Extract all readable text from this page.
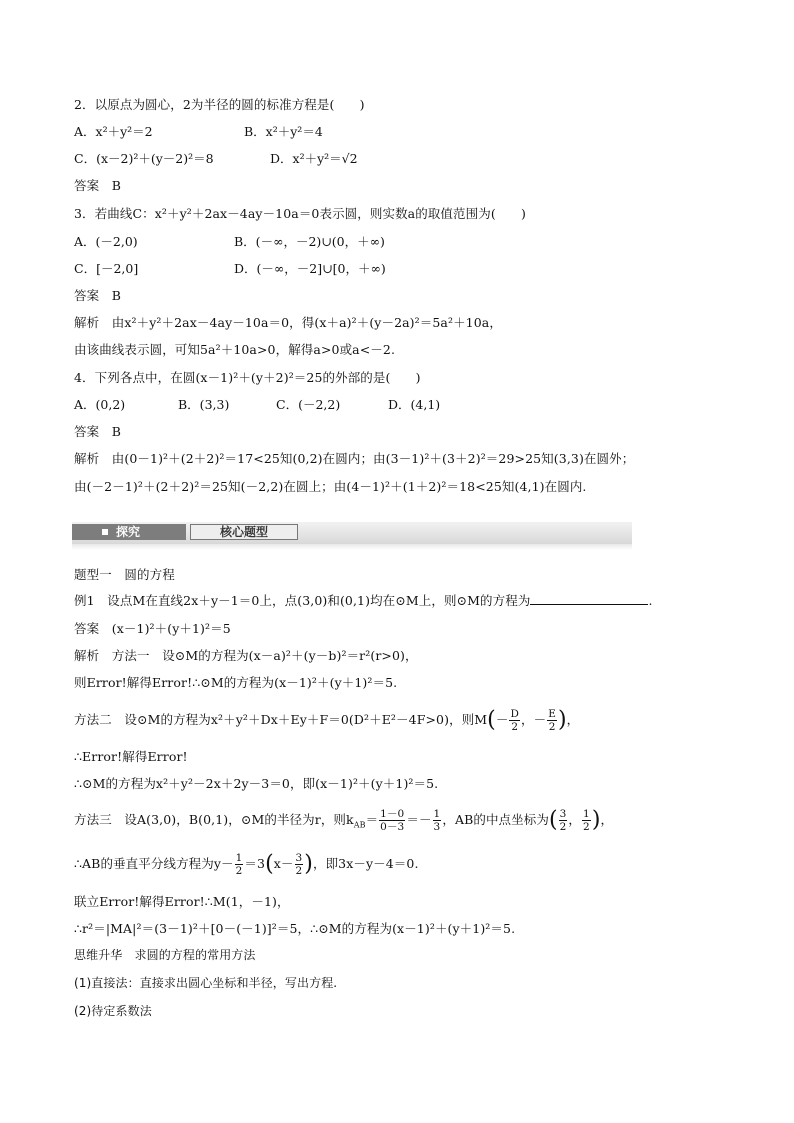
2．以原点为圆心，2为半径的圆的标准方程是(　　)
A．x²＋y²＝2	B．x²＋y²＝4
C．(x－2)²＋(y－2)²＝8	D．x²＋y²＝√2
答案　B
3．若曲线C：x²＋y²＋2ax－4ay－10a＝0表示圆，则实数a的取值范围为(　　)
A．(－2,0)	B．(－∞，－2)∪(0，＋∞)
C．[－2,0]	D．(－∞，－2]∪[0，＋∞)
答案　B
解析　由x²＋y²＋2ax－4ay－10a＝0，得(x＋a)²＋(y－2a)²＝5a²＋10a，
由该曲线表示圆，可知5a²＋10a>0，解得a>0或a<－2.
4．下列各点中，在圆(x－1)²＋(y＋2)²＝25的外部的是(　　)
A．(0,2)	B．(3,3)	C．(－2,2)	D．(4,1)
答案　B
解析　由(0－1)²＋(2＋2)²＝17<25知(0,2)在圆内；由(3－1)²＋(3＋2)²＝29>25知(3,3)在圆外；
由(－2－1)²＋(2＋2)²＝25知(－2,2)在圆上；由(4－1)²＋(1＋2)²＝18<25知(4,1)在圆内.
探究	核心题型
题型一　圆的方程
例1　设点M在直线2x＋y－1＝0上，点(3,0)和(0,1)均在⊙M上，则⊙M的方程为	.
答案　(x－1)²＋(y＋1)²＝5
解析　方法一　设⊙M的方程为(x－a)²＋(y－b)²＝r²(r>0)，
则Error!解得Error!∴⊙M的方程为(x－1)²＋(y＋1)²＝5.
方法二　设⊙M的方程为x²＋y²＋Dx＋Ey＋F＝0(D²＋E²－4F>0)，则$M(- \frac{D}{2}$ ，－ $\frac{E}{2}$ )，
∴Error!解得Error!
∴⊙M的方程为x²＋y²－2x＋2y－3＝0，即(x－1)²＋(y＋1)²＝5.
方法三　设A(3,0)，B(0,1)，⊙M的半径为r，则$k_{AB}= \frac{1-0}{0-3} =- \frac{1}{3}$ ，AB的中点坐标为( $\frac{3}{2}$ ， $\frac{1}{2}$ )，
∴AB的垂直平分线方程为$y- \frac{1}{2} =3(x- \frac{3}{2}$ )，即3x－y－4＝0.
联立Error!解得Error!∴M(1，－1)，
∴r²＝|MA|²＝(3－1)²＋[0－(－1)]²＝5，∴⊙M的方程为(x－1)²＋(y＋1)²＝5.
思维升华　求圆的方程的常用方法
(1)直接法：直接求出圆心坐标和半径，写出方程.
(2)待定系数法
